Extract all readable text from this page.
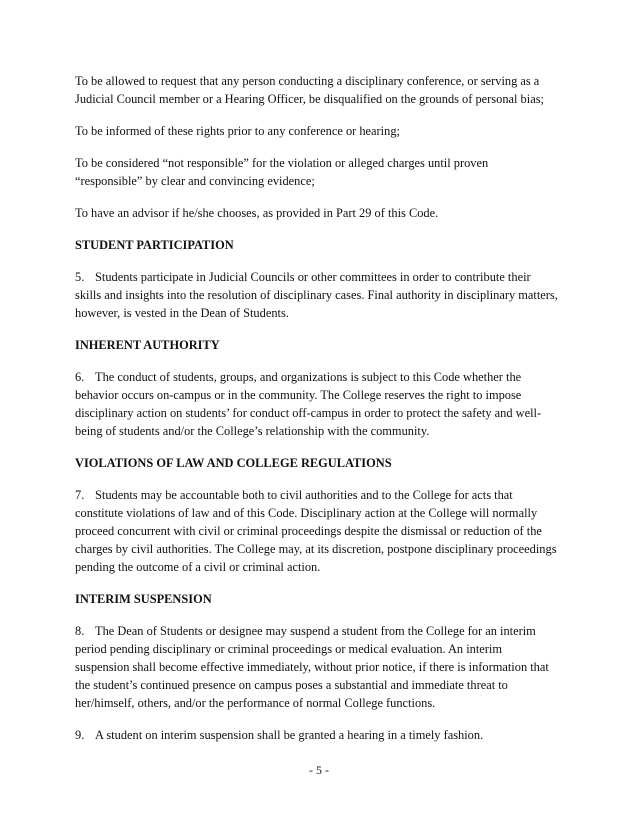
To be allowed to request that any person conducting a disciplinary conference, or serving as a
Judicial Council member or a Hearing Officer, be disqualified on the grounds of personal bias;

To be informed of these rights prior to any conference or hearing;

To be considered “not responsible” for the violation or alleged charges until proven
“responsible” by clear and convincing evidence;

To have an advisor if he/she chooses, as provided in Part 29 of this Code.

STUDENT PARTICIPATION

5. Students participate in Judicial Councils or other committees in order to contribute their
skills and insights into the resolution of disciplinary cases. Final authority in disciplinary matters,
however, is vested in the Dean of Students.

INHERENT AUTHORITY

6. The conduct of students, groups, and organizations is subject to this Code whether the
behavior occurs on-campus or in the community. The College reserves the right to impose
disciplinary action on students’ for conduct off-campus in order to protect the safety and well-
being of students and/or the College’s relationship with the community.

VIOLATIONS OF LAW AND COLLEGE REGULATIONS

7. Students may be accountable both to civil authorities and to the College for acts that
constitute violations of law and of this Code. Disciplinary action at the College will normally
proceed concurrent with civil or criminal proceedings despite the dismissal or reduction of the
charges by civil authorities. The College may, at its discretion, postpone disciplinary proceedings
pending the outcome of a civil or criminal action.

INTERIM SUSPENSION

8. The Dean of Students or designee may suspend a student from the College for an interim
period pending disciplinary or criminal proceedings or medical evaluation. An interim
suspension shall become effective immediately, without prior notice, if there is information that
the student’s continued presence on campus poses a substantial and immediate threat to
her/himself, others, and/or the performance of normal College functions.

9. A student on interim suspension shall be granted a hearing in a timely fashion.

- 5 -
